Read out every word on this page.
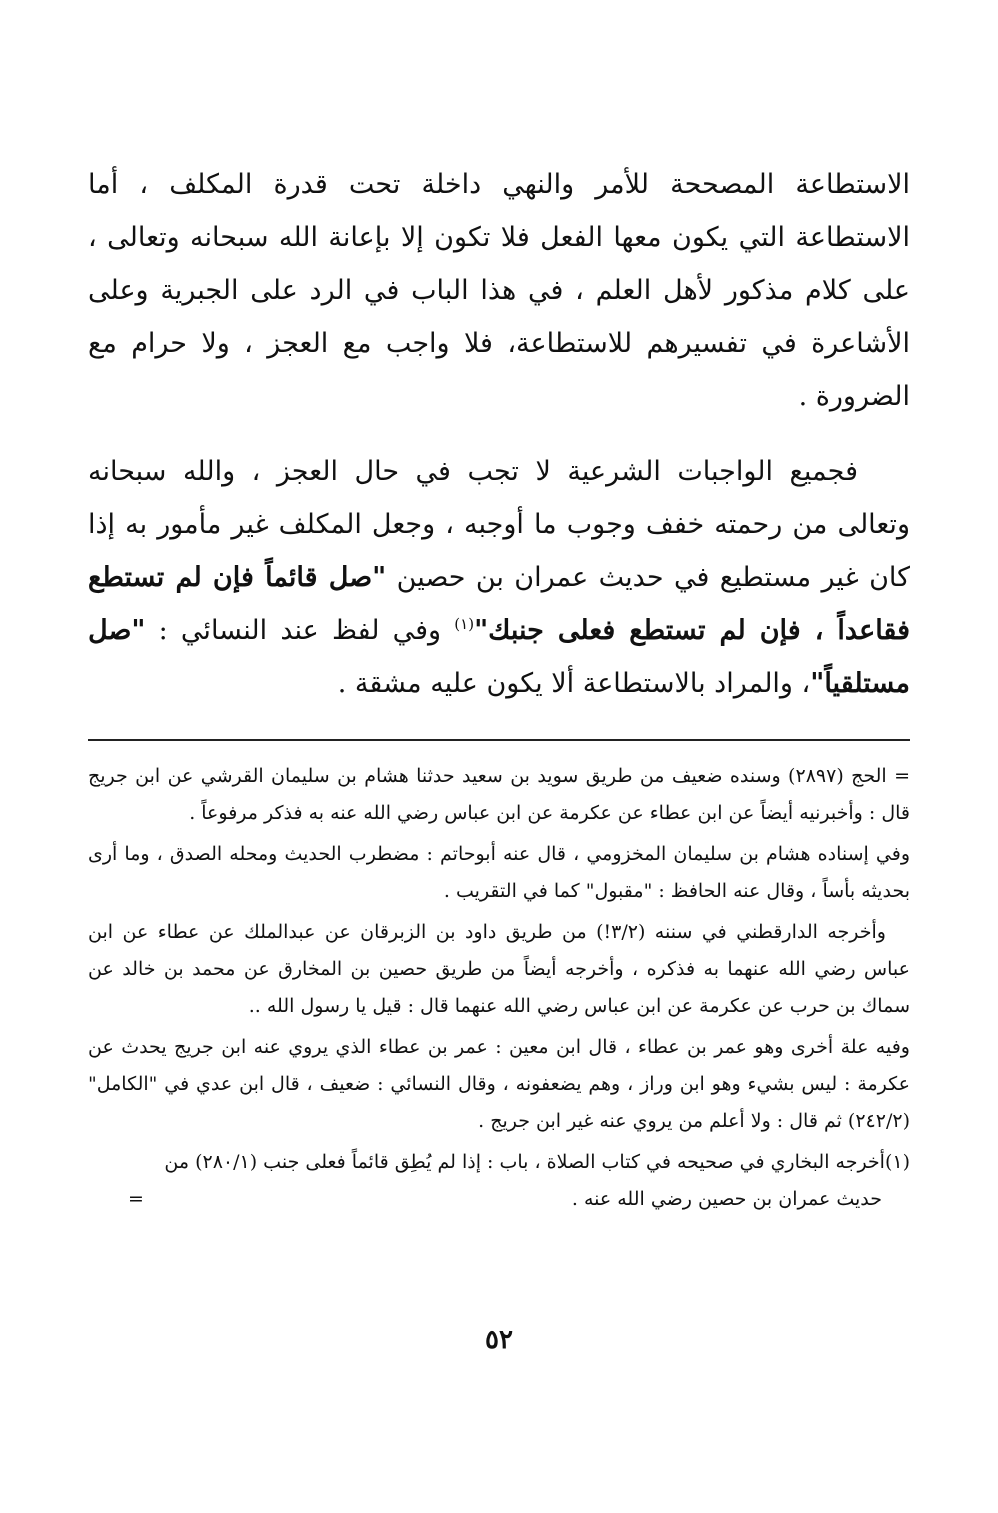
الاستطاعة المصححة للأمر والنهي داخلة تحت قدرة المكلف ، أما الاستطاعة التي يكون معها الفعل فلا تكون إلا بإعانة الله سبحانه وتعالى ، على كلام مذكور لأهل العلم ، في هذا الباب في الرد على الجبرية وعلى الأشاعرة في تفسيرهم للاستطاعة، فلا واجب مع العجز ، ولا حرام مع الضرورة .

فجميع الواجبات الشرعية لا تجب في حال العجز ، والله سبحانه وتعالى من رحمته خفف وجوب ما أوجبه ، وجعل المكلف غير مأمور به إذا كان غير مستطيع في حديث عمران بن حصين "صل قائماً فإن لم تستطع فقاعداً ، فإن لم تستطع فعلى جنبك"$^{(١)}$ وفي لفظ عند النسائي : "صل مستلقياً"، والمراد بالاستطاعة ألا يكون عليه مشقة .

= الحج (٢٨٩٧) وسنده ضعيف من طريق سويد بن سعيد حدثنا هشام بن سليمان القرشي عن ابن جريج قال : وأخبرنيه أيضاً عن ابن عطاء عن عكرمة عن ابن عباس رضي الله عنه به فذكر مرفوعاً .

وفي إسناده هشام بن سليمان المخزومي ، قال عنه أبوحاتم : مضطرب الحديث ومحله الصدق ، وما أرى بحديثه بأساً ، وقال عنه الحافظ : "مقبول" كما في التقريب .

وأخرجه الدارقطني في سننه (٣/٢!) من طريق داود بن الزبرقان عن عبدالملك عن عطاء عن ابن عباس رضي الله عنهما به فذكره ، وأخرجه أيضاً من طريق حصين بن المخارق عن محمد بن خالد عن سماك بن حرب عن عكرمة عن ابن عباس رضي الله عنهما قال : قيل يا رسول الله ..

وفيه علة أخرى وهو عمر بن عطاء ، قال ابن معين : عمر بن عطاء الذي يروي عنه ابن جريج يحدث عن عكرمة : ليس بشيء وهو ابن وراز ، وهم يضعفونه ، وقال النسائي : ضعيف ، قال ابن عدي في "الكامل" (٢٤٢/٢) ثم قال : ولا أعلم من يروي عنه غير ابن جريج .

(١)أخرجه البخاري في صحيحه في كتاب الصلاة ، باب : إذا لم يُطِق قائماً فعلى جنب (٢٨٠/١) من

حديث عمران بن حصين رضي الله عنه .
=
٥٢
